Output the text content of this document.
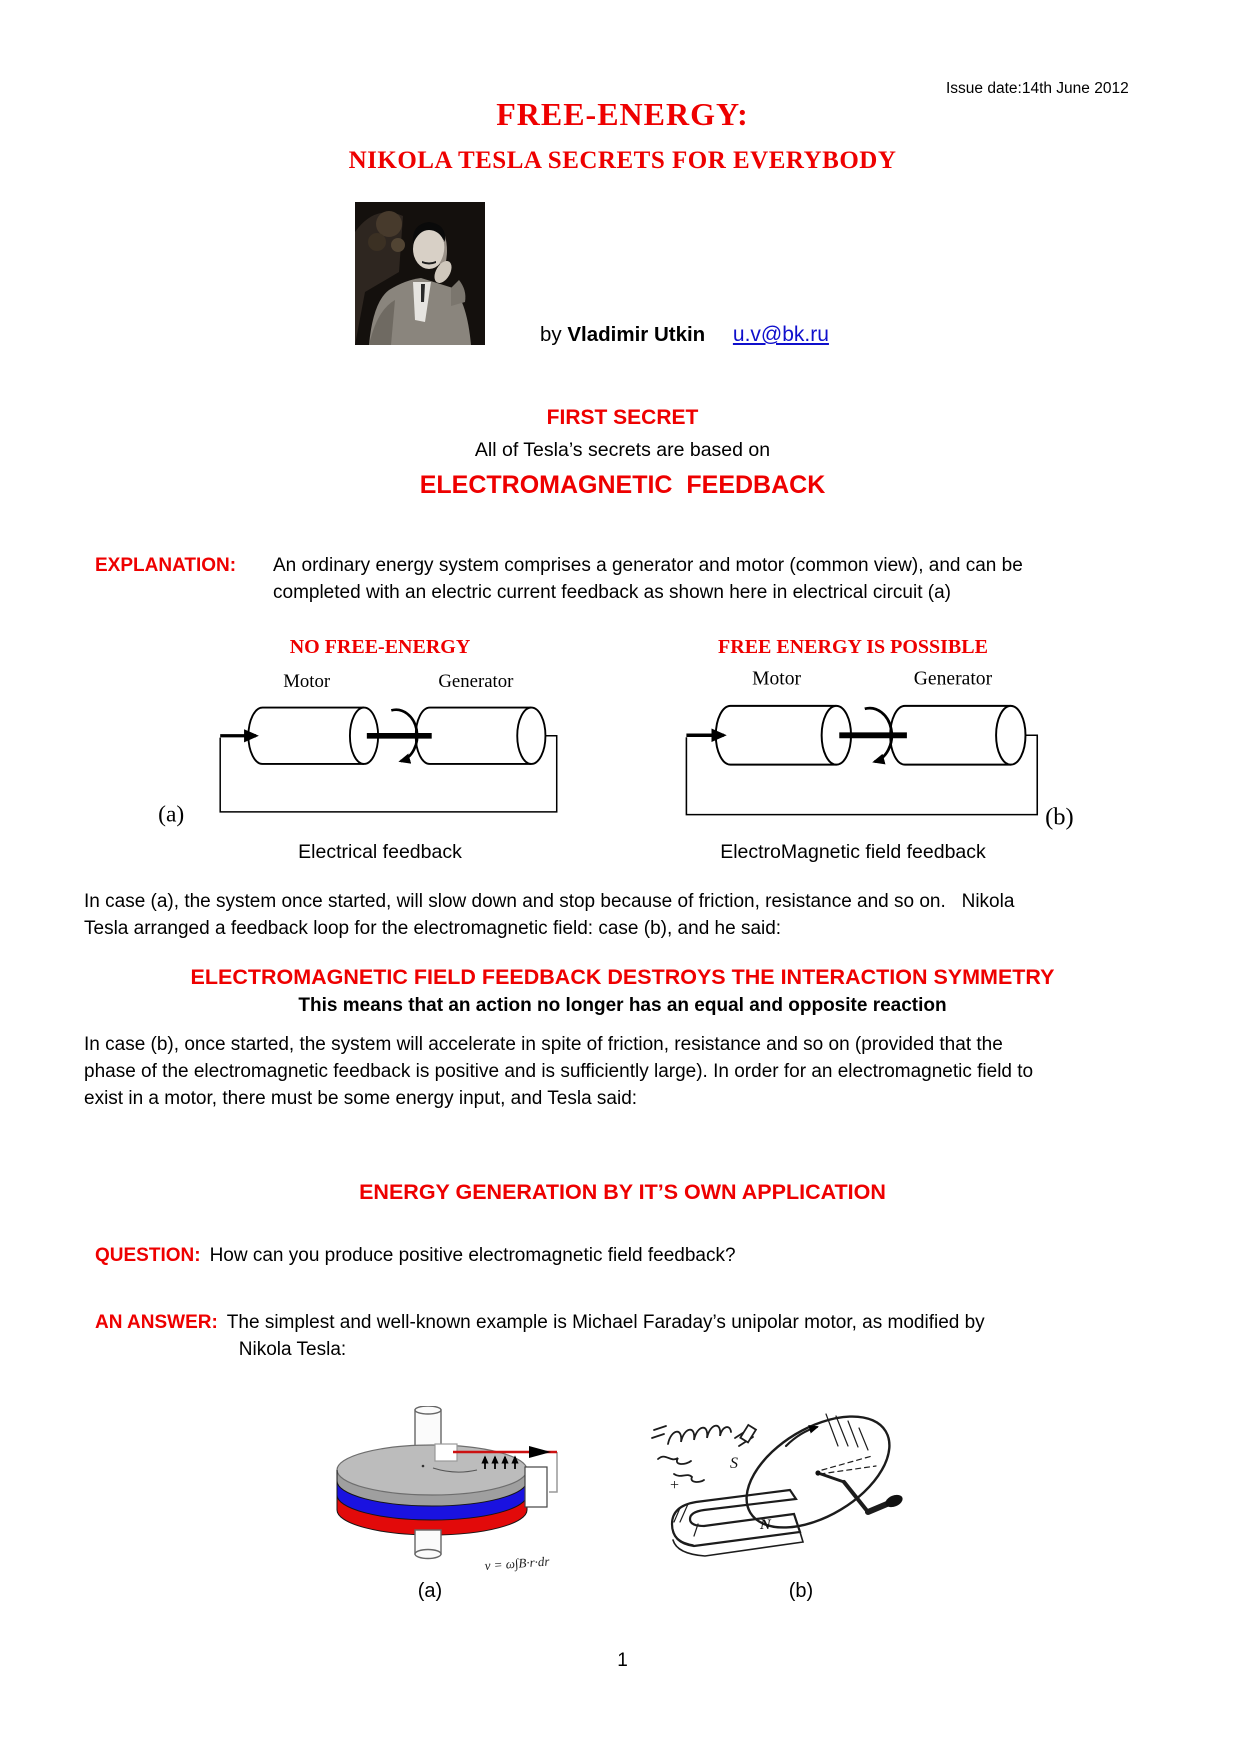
Issue date:14th June 2012
FREE-ENERGY:
NIKOLA TESLA SECRETS FOR EVERYBODY
by Vladimir Utkin u.v@bk.ru
FIRST SECRET
All of Tesla’s secrets are based on
ELECTROMAGNETIC  FEEDBACK
EXPLANATION:	An ordinary energy system comprises a generator and motor (common view), and can be
completed with an electric current feedback as shown here in electrical circuit (a)
NO FREE-ENERGY
Motor	Generator
(a)
Electrical feedback
FREE ENERGY IS POSSIBLE
Motor	Generator
(b)
ElectroMagnetic field feedback
In case (a), the system once started, will slow down and stop because of friction, resistance and so on.   Nikola
Tesla arranged a feedback loop for the electromagnetic field: case (b), and he said:
ELECTROMAGNETIC FIELD FEEDBACK DESTROYS THE INTERACTION SYMMETRY
This means that an action no longer has an equal and opposite reaction
In case (b), once started, the system will accelerate in spite of friction, resistance and so on (provided that the
phase of the electromagnetic feedback is positive and is sufficiently large). In order for an electromagnetic field to
exist in a motor, there must be some energy input, and Tesla said:
ENERGY GENERATION BY IT’S OWN APPLICATION
QUESTION: How can you produce positive electromagnetic field feedback?
AN ANSWER: The simplest and well-known example is Michael Faraday’s unipolar motor, as modified by
Nikola Tesla:
v = ω∫B·r·dr
+
S
N
(a)	(b)
1
